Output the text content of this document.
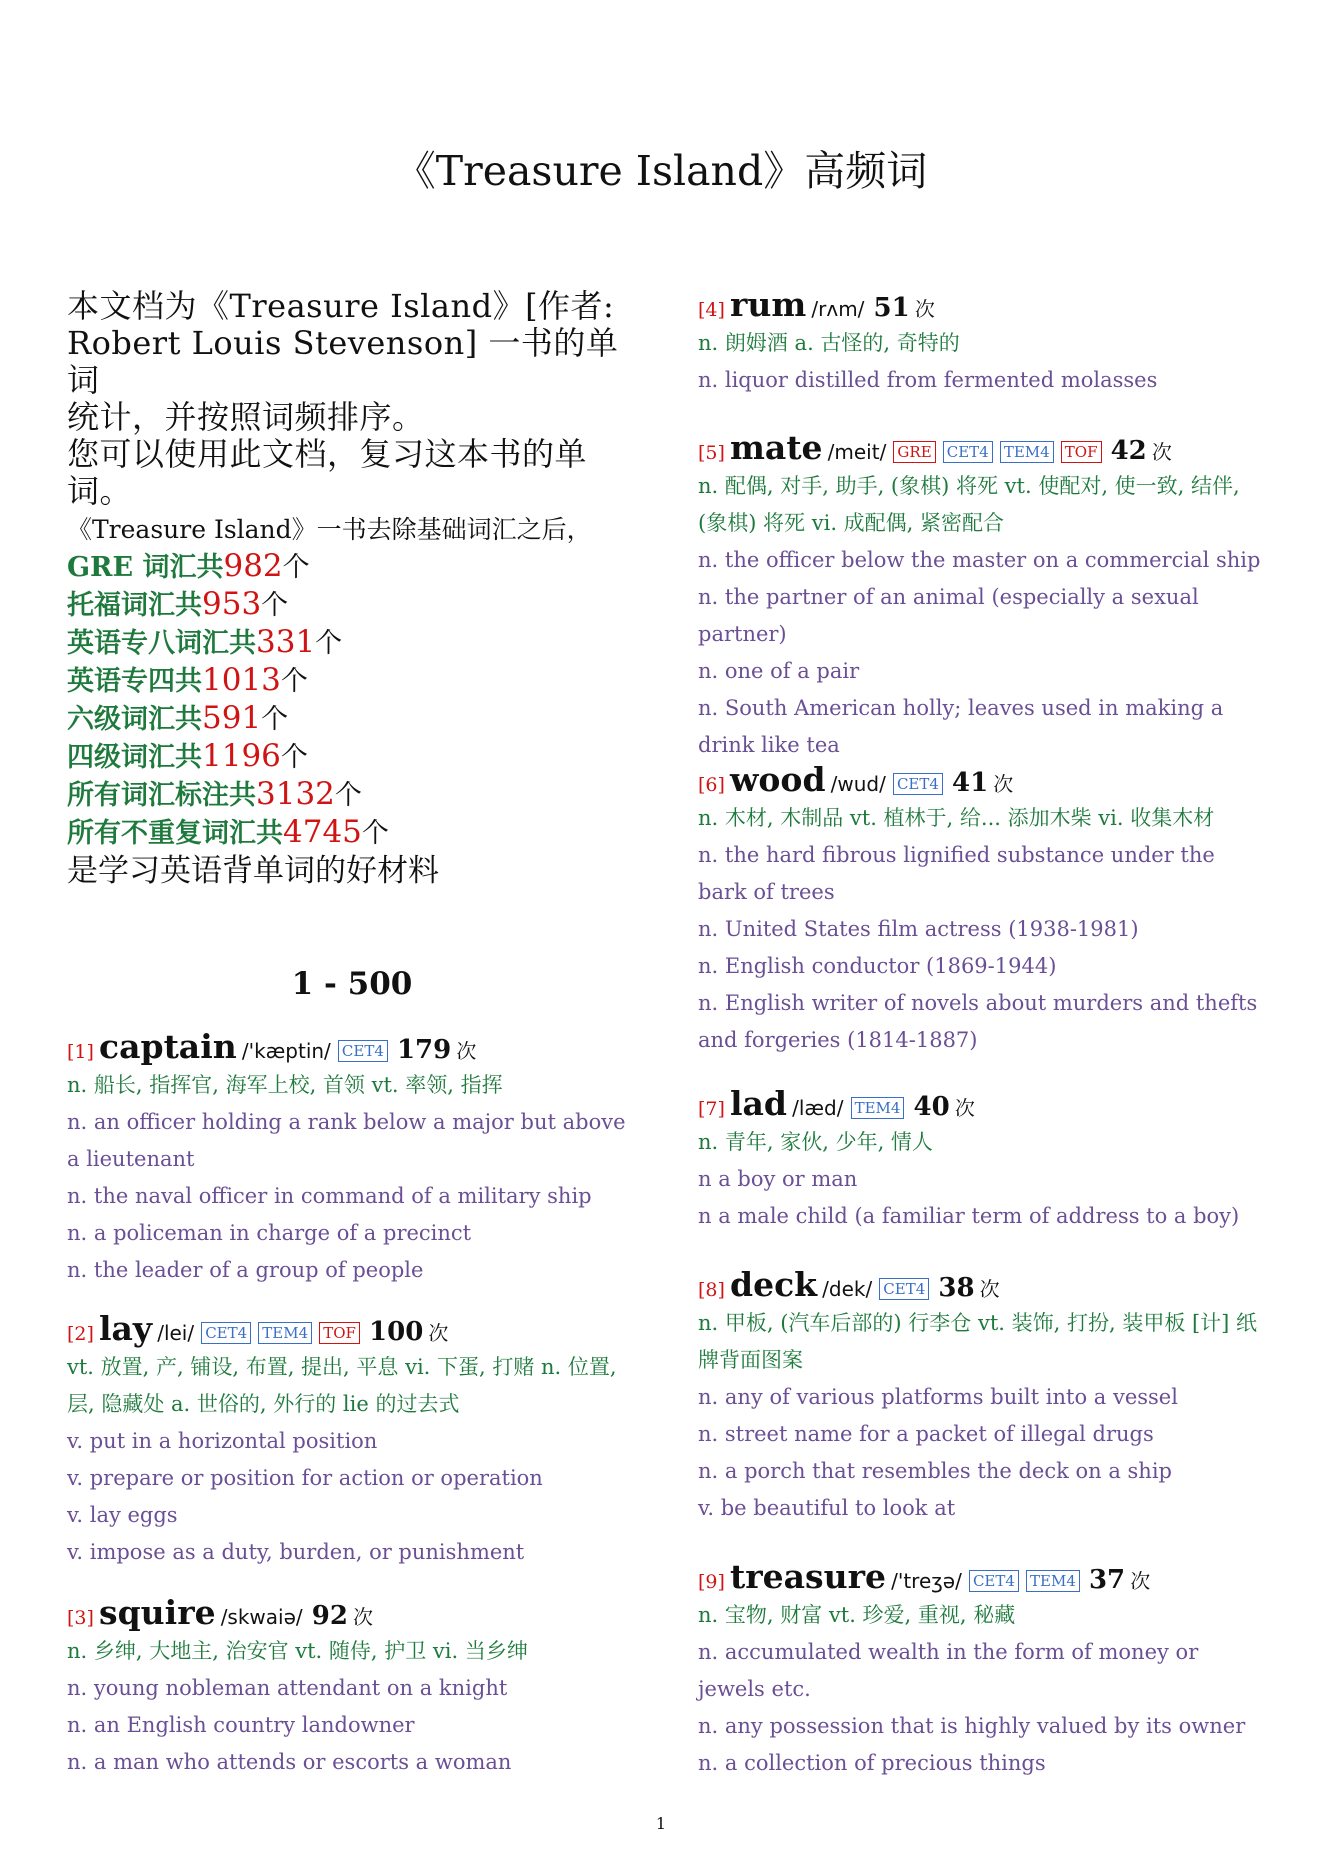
《Treasure Island》高频词

本文档为《Treasure Island》[作者:

Robert Louis Stevenson] 一书的单词

统计，并按照词频排序。

您可以使用此文档，复习这本书的单

词。

《Treasure Island》一书去除基础词汇之后，
GRE 词汇共982个
托福词汇共953个
英语专八词汇共331个
英语专四共1013个
六级词汇共591个
四级词汇共1196个
所有词汇标注共3132个
所有不重复词汇共4745个
是学习英语背单词的好材料
1 - 500
[1] captain /'kæptin/ CET4 179 次

n. 船长, 指挥官, 海军上校, 首领 vt. 率领, 指挥

n. an officer holding a rank below a major but above a lieutenant

n. the naval officer in command of a military ship

n. a policeman in charge of a precinct

n. the leader of a group of people

[2] lay /lei/ CET4 TEM4 TOF 100 次

vt. 放置, 产, 铺设, 布置, 提出, 平息 vi. 下蛋, 打赌 n. 位置, 层, 隐藏处 a. 世俗的, 外行的 lie 的过去式

v. put in a horizontal position

v. prepare or position for action or operation

v. lay eggs

v. impose as a duty, burden, or punishment

[3] squire /skwaiə/ 92 次

n. 乡绅, 大地主, 治安官 vt. 随侍, 护卫 vi. 当乡绅

n. young nobleman attendant on a knight

n. an English country landowner

n. a man who attends or escorts a woman

[4] rum /rʌm/ 51 次

n. 朗姆酒 a. 古怪的, 奇特的

n. liquor distilled from fermented molasses

[5] mate /meit/ GRE CET4 TEM4 TOF 42 次

n. 配偶, 对手, 助手, (象棋) 将死 vt. 使配对, 使一致, 结伴, (象棋) 将死 vi. 成配偶, 紧密配合

n. the officer below the master on a commercial ship

n. the partner of an animal (especially a sexual partner)

n. one of a pair

n. South American holly; leaves used in making a drink like tea

[6] wood /wud/ CET4 41 次

n. 木材, 木制品 vt. 植林于, 给... 添加木柴 vi. 收集木材

n. the hard fibrous lignified substance under the bark of trees

n. United States film actress (1938-1981)

n. English conductor (1869-1944)

n. English writer of novels about murders and thefts and forgeries (1814-1887)

[7] lad /læd/ TEM4 40 次

n. 青年, 家伙, 少年, 情人

n a boy or man

n a male child (a familiar term of address to a boy)

[8] deck /dek/ CET4 38 次

n. 甲板, (汽车后部的) 行李仓 vt. 装饰, 打扮, 装甲板 [计] 纸牌背面图案

n. any of various platforms built into a vessel

n. street name for a packet of illegal drugs

n. a porch that resembles the deck on a ship

v. be beautiful to look at

[9] treasure /'treʒə/ CET4 TEM4 37 次

n. 宝物, 财富 vt. 珍爱, 重视, 秘藏

n. accumulated wealth in the form of money or jewels etc.

n. any possession that is highly valued by its owner

n. a collection of precious things

1
